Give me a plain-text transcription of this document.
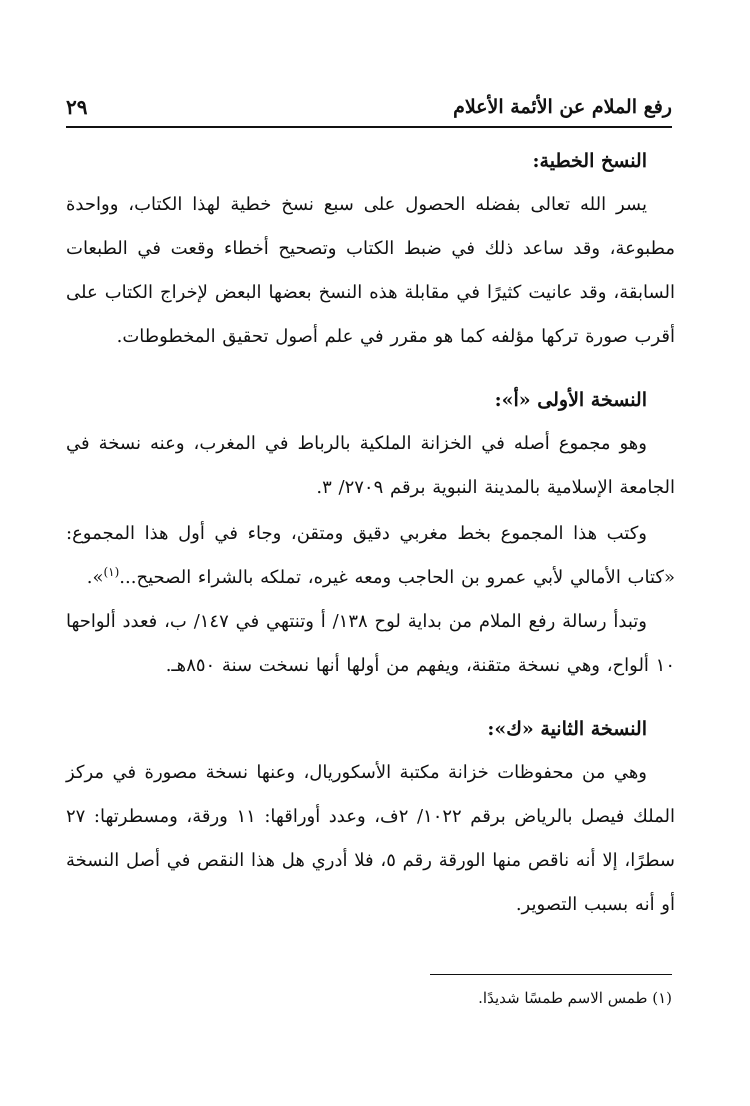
رفع الملام عن الأئمة الأعلام
٢٩
النسخ الخطية:

يسر الله تعالى بفضله الحصول على سبع نسخ خطية لهذا الكتاب، وواحدة مطبوعة، وقد ساعد ذلك في ضبط الكتاب وتصحيح أخطاء وقعت في الطبعات السابقة، وقد عانيت كثيرًا في مقابلة هذه النسخ بعضها البعض لإخراج الكتاب على أقرب صورة تركها مؤلفه كما هو مقرر في علم أصول تحقيق المخطوطات.

النسخة الأولى «أ»:

وهو مجموع أصله في الخزانة الملكية بالرباط في المغرب، وعنه نسخة في الجامعة الإسلامية بالمدينة النبوية برقم ٢٧٠٩/ ٣.

وكتب هذا المجموع بخط مغربي دقيق ومتقن، وجاء في أول هذا المجموع: «كتاب الأمالي لأبي عمرو بن الحاجب ومعه غيره، تملكه بالشراء الصحيح...$^{(١)}$».

وتبدأ رسالة رفع الملام من بداية لوح ١٣٨/ أ وتنتهي في ١٤٧/ ب، فعدد ألواحها ١٠ ألواح، وهي نسخة متقنة، ويفهم من أولها أنها نسخت سنة ٨٥٠هـ.

النسخة الثانية «ك»:

وهي من محفوظات خزانة مكتبة الأسكوريال، وعنها نسخة مصورة في مركز الملك فيصل بالرياض برقم ١٠٢٢/ ٢ف، وعدد أوراقها: ١١ ورقة، ومسطرتها: ٢٧ سطرًا، إلا أنه ناقص منها الورقة رقم ٥، فلا أدري هل هذا النقص في أصل النسخة أو أنه بسبب التصوير.

(١) طمس الاسم طمسًا شديدًا.
